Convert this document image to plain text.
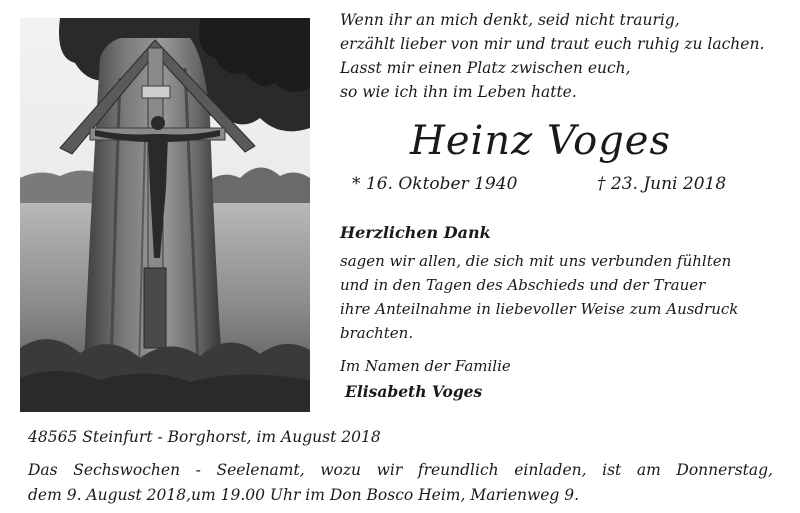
Wenn ihr an mich denkt, seid nicht traurig,
erzählt lieber von mir und traut euch ruhig zu lachen.
Lasst mir einen Platz zwischen euch,
so wie ich ihn im Leben hatte.
Heinz Voges
* 16. Oktober 1940	† 23. Juni 2018
Herzlichen Dank
sagen wir allen, die sich mit uns verbunden fühlten
und in den Tagen des Abschieds und der Trauer
ihre Anteilnahme in liebevoller Weise zum Ausdruck
brachten.
Im Namen der Familie
Elisabeth Voges
48565 Steinfurt - Borghorst, im August 2018
Das Sechswochen - Seelenamt, wozu wir freundlich einladen, ist am Donnerstag,
dem 9. August 2018,um 19.00 Uhr im Don Bosco Heim, Marienweg 9.
